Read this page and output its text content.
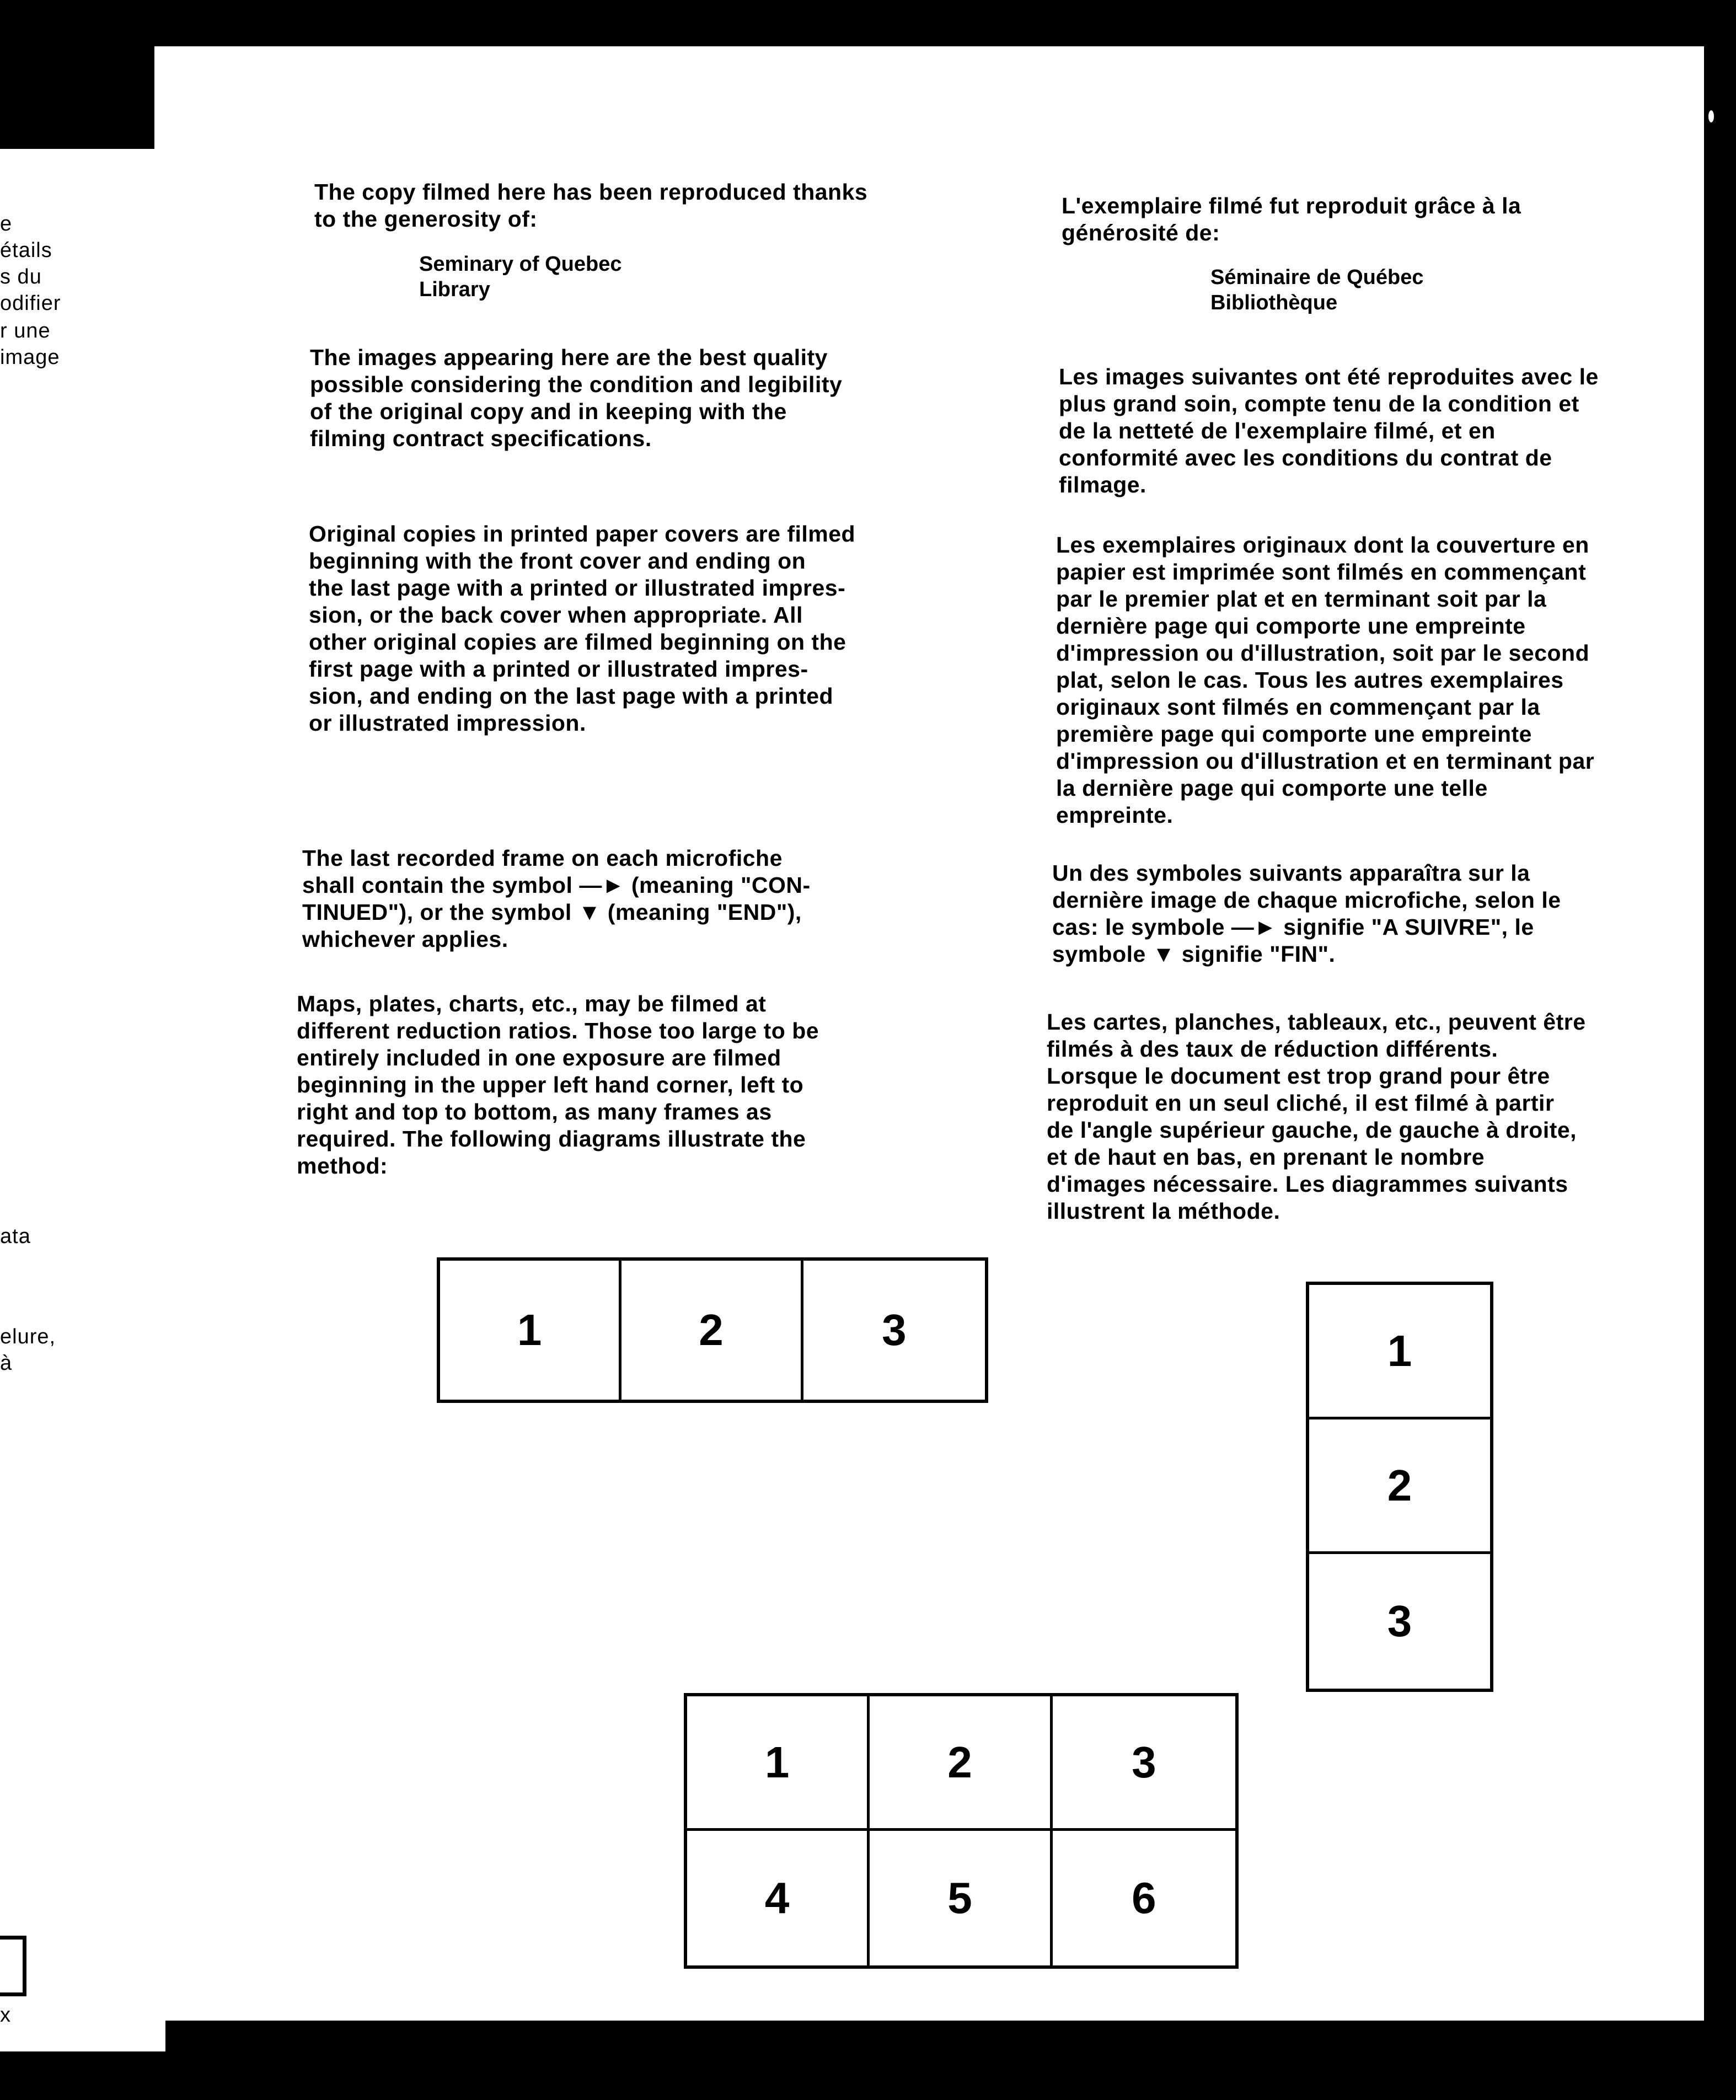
e
étails
s du
odifier
r une
image
ata
elure,
à
x

The copy filmed here has been reproduced thanks
to the generosity of:

Seminary of Quebec
Library

The images appearing here are the best quality
possible considering the condition and legibility
of the original copy and in keeping with the
filming contract specifications.

Original copies in printed paper covers are filmed
beginning with the front cover and ending on
the last page with a printed or illustrated impres-
sion, or the back cover when appropriate. All
other original copies are filmed beginning on the
first page with a printed or illustrated impres-
sion, and ending on the last page with a printed
or illustrated impression.

The last recorded frame on each microfiche
shall contain the symbol —► (meaning "CON-
TINUED"), or the symbol ▼ (meaning "END"),
whichever applies.

Maps, plates, charts, etc., may be filmed at
different reduction ratios. Those too large to be
entirely included in one exposure are filmed
beginning in the upper left hand corner, left to
right and top to bottom, as many frames as
required. The following diagrams illustrate the
method:

L'exemplaire filmé fut reproduit grâce à la
générosité de:

Séminaire de Québec
Bibliothèque

Les images suivantes ont été reproduites avec le
plus grand soin, compte tenu de la condition et
de la netteté de l'exemplaire filmé, et en
conformité avec les conditions du contrat de
filmage.

Les exemplaires originaux dont la couverture en
papier est imprimée sont filmés en commençant
par le premier plat et en terminant soit par la
dernière page qui comporte une empreinte
d'impression ou d'illustration, soit par le second
plat, selon le cas. Tous les autres exemplaires
originaux sont filmés en commençant par la
première page qui comporte une empreinte
d'impression ou d'illustration et en terminant par
la dernière page qui comporte une telle
empreinte.

Un des symboles suivants apparaîtra sur la
dernière image de chaque microfiche, selon le
cas: le symbole —► signifie "A SUIVRE", le
symbole ▼ signifie "FIN".

Les cartes, planches, tableaux, etc., peuvent être
filmés à des taux de réduction différents.
Lorsque le document est trop grand pour être
reproduit en un seul cliché, il est filmé à partir
de l'angle supérieur gauche, de gauche à droite,
et de haut en bas, en prenant le nombre
d'images nécessaire. Les diagrammes suivants
illustrent la méthode.

1	2	3	1
2
3
1	2	3
4	5	6
